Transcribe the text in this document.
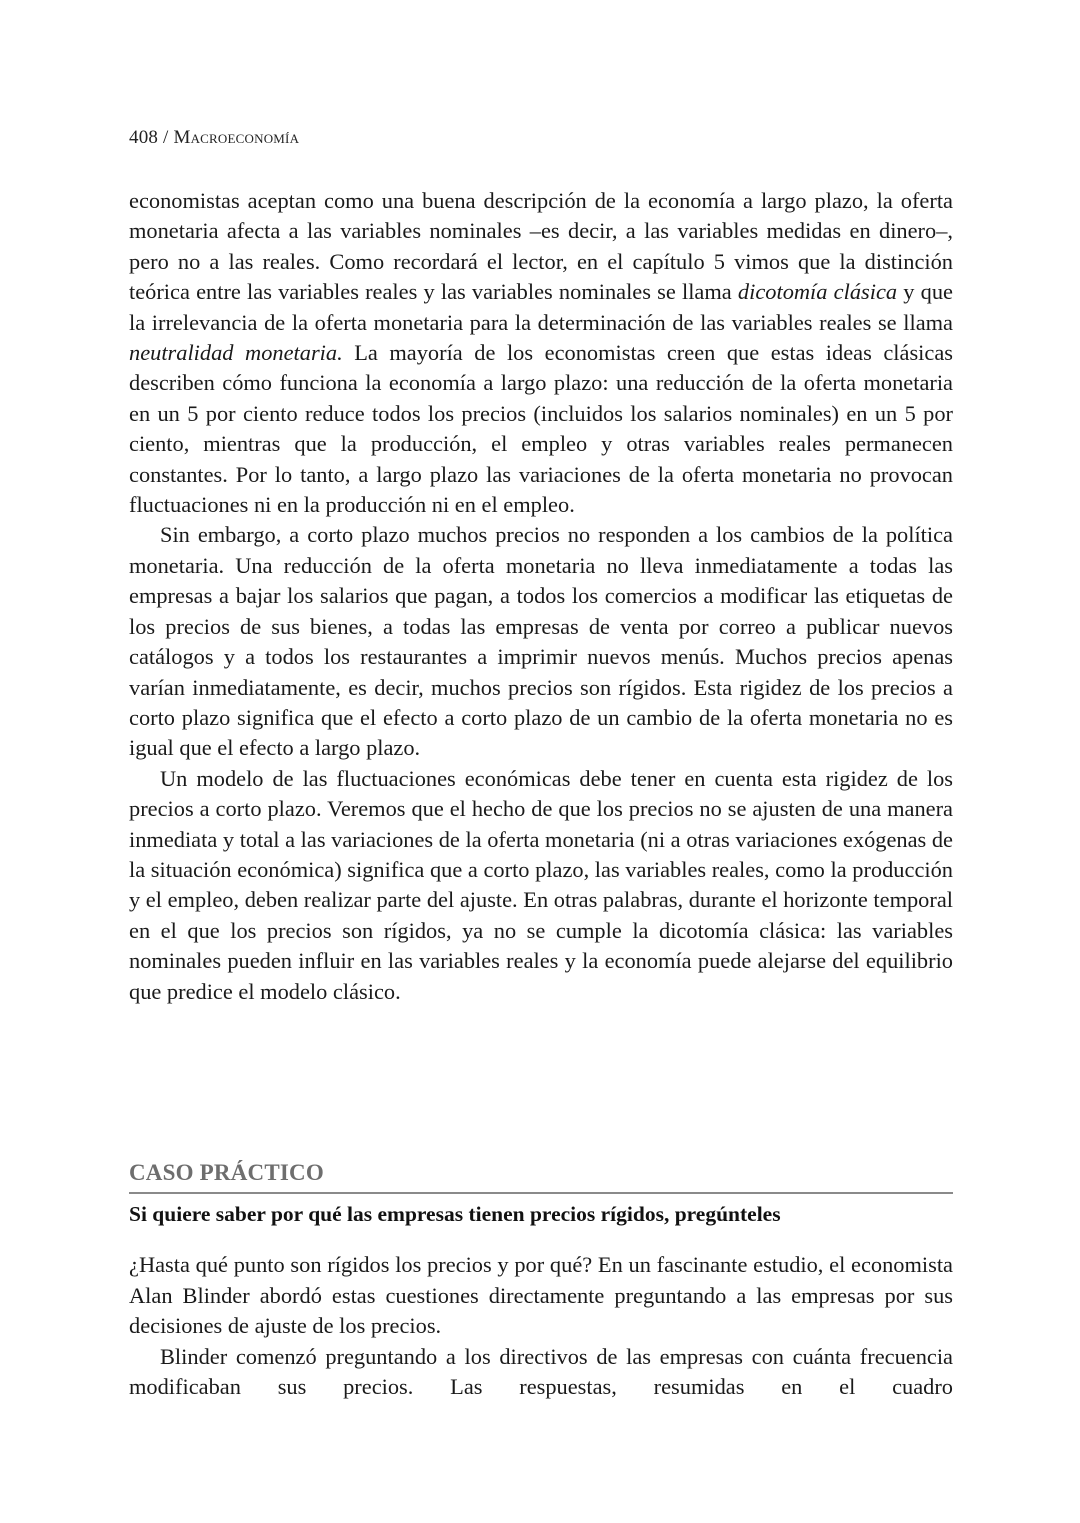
408 / Macroeconomía

economistas aceptan como una buena descripción de la economía a largo plazo, la oferta monetaria afecta a las variables nominales –es decir, a las variables medidas en dinero–, pero no a las reales. Como recordará el lector, en el capítulo 5 vimos que la distinción teórica entre las variables reales y las variables nominales se llama dicotomía clásica y que la irrelevancia de la oferta monetaria para la determinación de las variables reales se llama neutralidad monetaria. La mayoría de los economistas creen que estas ideas clásicas describen cómo funciona la economía a largo plazo: una reducción de la oferta monetaria en un 5 por ciento reduce todos los precios (incluidos los salarios nominales) en un 5 por ciento, mientras que la producción, el empleo y otras variables reales permanecen constantes. Por lo tanto, a largo plazo las variaciones de la oferta monetaria no provocan fluctuaciones ni en la producción ni en el empleo.

Sin embargo, a corto plazo muchos precios no responden a los cambios de la política monetaria. Una reducción de la oferta monetaria no lleva inmediatamente a todas las empresas a bajar los salarios que pagan, a todos los comercios a modificar las etiquetas de los precios de sus bienes, a todas las empresas de venta por correo a publicar nuevos catálogos y a todos los restaurantes a imprimir nuevos menús. Muchos precios apenas varían inmediatamente, es decir, muchos precios son rígidos. Esta rigidez de los precios a corto plazo significa que el efecto a corto plazo de un cambio de la oferta monetaria no es igual que el efecto a largo plazo.

Un modelo de las fluctuaciones económicas debe tener en cuenta esta rigidez de los precios a corto plazo. Veremos que el hecho de que los precios no se ajusten de una manera inmediata y total a las variaciones de la oferta monetaria (ni a otras variaciones exógenas de la situación económica) significa que a corto plazo, las variables reales, como la producción y el empleo, deben realizar parte del ajuste. En otras palabras, durante el horizonte temporal en el que los precios son rígidos, ya no se cumple la dicotomía clásica: las variables nominales pueden influir en las variables reales y la economía puede alejarse del equilibrio que predice el modelo clásico.

CASO PRÁCTICO
Si quiere saber por qué las empresas tienen precios rígidos, pregúnteles

¿Hasta qué punto son rígidos los precios y por qué? En un fascinante estudio, el economista Alan Blinder abordó estas cuestiones directamente preguntando a las empresas por sus decisiones de ajuste de los precios.

Blinder comenzó preguntando a los directivos de las empresas con cuánta frecuencia modificaban sus precios. Las respuestas, resumidas en el cuadro
